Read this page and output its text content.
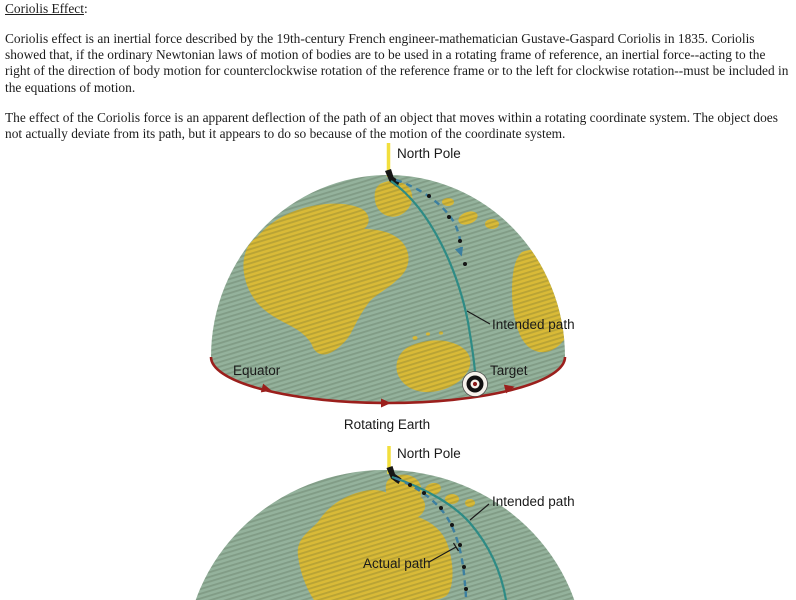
Coriolis Effect:

Coriolis effect is an inertial force described by the 19th-century French engineer-mathematician Gustave-Gaspard Coriolis in 1835. Coriolis showed that, if the ordinary Newtonian laws of motion of bodies are to be used in a rotating frame of reference, an inertial force--acting to the right of the direction of body motion for counterclockwise rotation of the reference frame or to the left for clockwise rotation--must be included in the equations of motion.

The effect of the Coriolis force is an apparent deflection of the path of an object that moves within a rotating coordinate system. The object does not actually deviate from its path, but it appears to do so because of the motion of the coordinate system.

North Pole
Intended path
Equator	Target
Rotating Earth
North Pole
Intended path
Actual path
